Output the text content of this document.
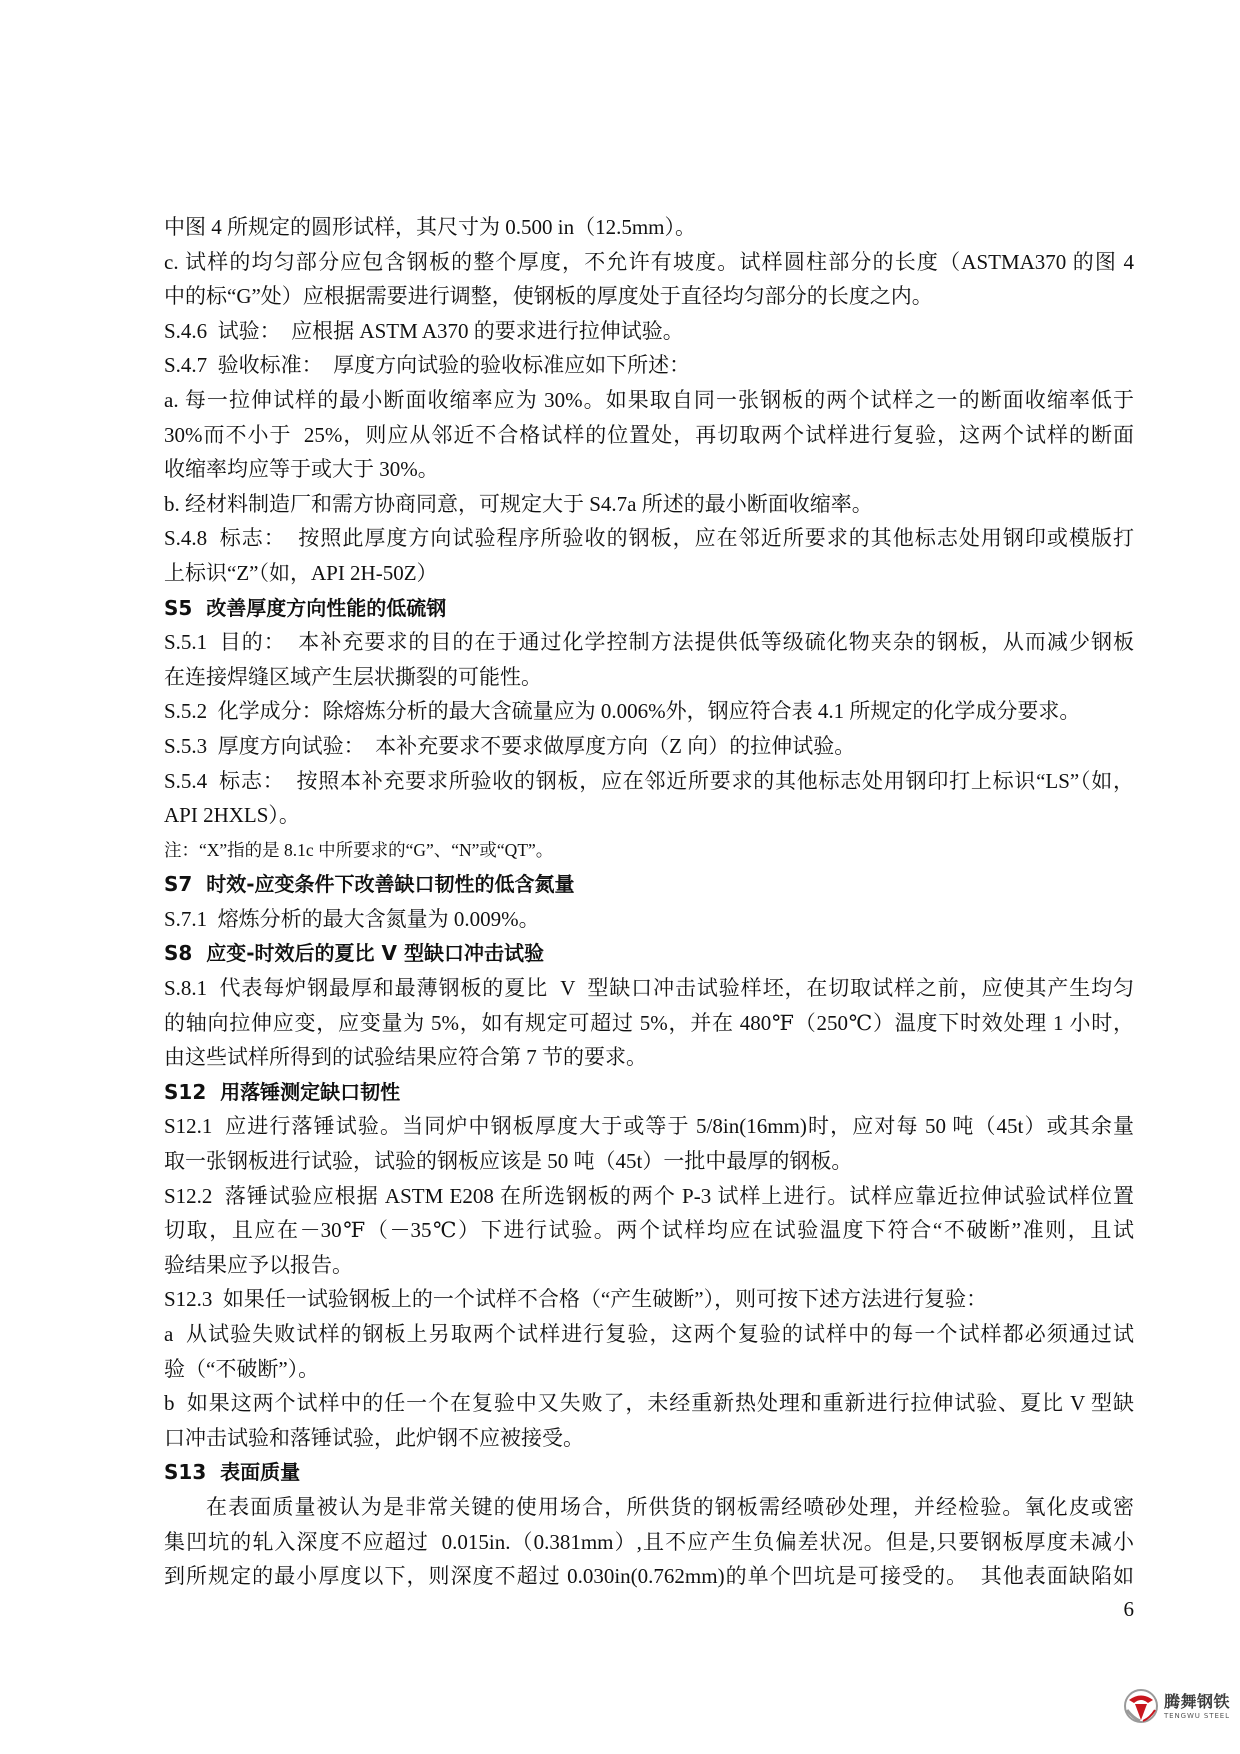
中图 4 所规定的圆形试样，其尺寸为 0.500 in（12.5mm）。
c. 试样的均匀部分应包含钢板的整个厚度，不允许有坡度。试样圆柱部分的长度（ASTMA370 的图 4
中的标“G”处）应根据需要进行调整，使钢板的厚度处于直径均匀部分的长度之内。
S.4.6  试验：  应根据 ASTM A370 的要求进行拉伸试验。
S.4.7  验收标准：  厚度方向试验的验收标准应如下所述：
a. 每一拉伸试样的最小断面收缩率应为 30%。如果取自同一张钢板的两个试样之一的断面收缩率低于
30%而不小于  25%，则应从邻近不合格试样的位置处，再切取两个试样进行复验，这两个试样的断面
收缩率均应等于或大于 30%。
b. 经材料制造厂和需方协商同意，可规定大于 S4.7a 所述的最小断面收缩率。
S.4.8  标志：  按照此厚度方向试验程序所验收的钢板，应在邻近所要求的其他标志处用钢印或模版打
上标识“Z”（如，API 2H-50Z）
S5  改善厚度方向性能的低硫钢
S.5.1  目的：  本补充要求的目的在于通过化学控制方法提供低等级硫化物夹杂的钢板，从而减少钢板
在连接焊缝区域产生层状撕裂的可能性。
S.5.2  化学成分：除熔炼分析的最大含硫量应为 0.006%外，钢应符合表 4.1 所规定的化学成分要求。
S.5.3  厚度方向试验：  本补充要求不要求做厚度方向（Z 向）的拉伸试验。
S.5.4  标志：  按照本补充要求所验收的钢板，应在邻近所要求的其他标志处用钢印打上标识“LS”（如，
API 2HXLS）。
注：“X”指的是 8.1c 中所要求的“G”、“N”或“QT”。
S7  时效-应变条件下改善缺口韧性的低含氮量
S.7.1  熔炼分析的最大含氮量为 0.009%。
S8  应变-时效后的夏比 V 型缺口冲击试验
S.8.1  代表每炉钢最厚和最薄钢板的夏比  V  型缺口冲击试验样坯，在切取试样之前，应使其产生均匀
的轴向拉伸应变，应变量为 5%，如有规定可超过 5%，并在 480℉（250℃）温度下时效处理 1 小时，
由这些试样所得到的试验结果应符合第 7 节的要求。
S12  用落锤测定缺口韧性
S12.1  应进行落锤试验。当同炉中钢板厚度大于或等于 5/8in(16mm)时，应对每 50 吨（45t）或其余量
取一张钢板进行试验，试验的钢板应该是 50 吨（45t）一批中最厚的钢板。
S12.2  落锤试验应根据 ASTM E208 在所选钢板的两个 P-3 试样上进行。试样应靠近拉伸试验试样位置
切取，且应在－30℉（－35℃）下进行试验。两个试样均应在试验温度下符合“不破断”准则，且试
验结果应予以报告。
S12.3  如果任一试验钢板上的一个试样不合格（“产生破断”），则可按下述方法进行复验：
a  从试验失败试样的钢板上另取两个试样进行复验，这两个复验的试样中的每一个试样都必须通过试
验（“不破断”）。
b  如果这两个试样中的任一个在复验中又失败了，未经重新热处理和重新进行拉伸试验、夏比 V 型缺
口冲击试验和落锤试验，此炉钢不应被接受。
S13  表面质量
在表面质量被认为是非常关键的使用场合，所供货的钢板需经喷砂处理，并经检验。氧化皮或密
集凹坑的轧入深度不应超过  0.015in.（0.381mm）,且不应产生负偏差状况。但是,只要钢板厚度未减小
到所规定的最小厚度以下，则深度不超过 0.030in(0.762mm)的单个凹坑是可接受的。  其他表面缺陷如
6
腾舞钢铁
TENGWU STEEL
